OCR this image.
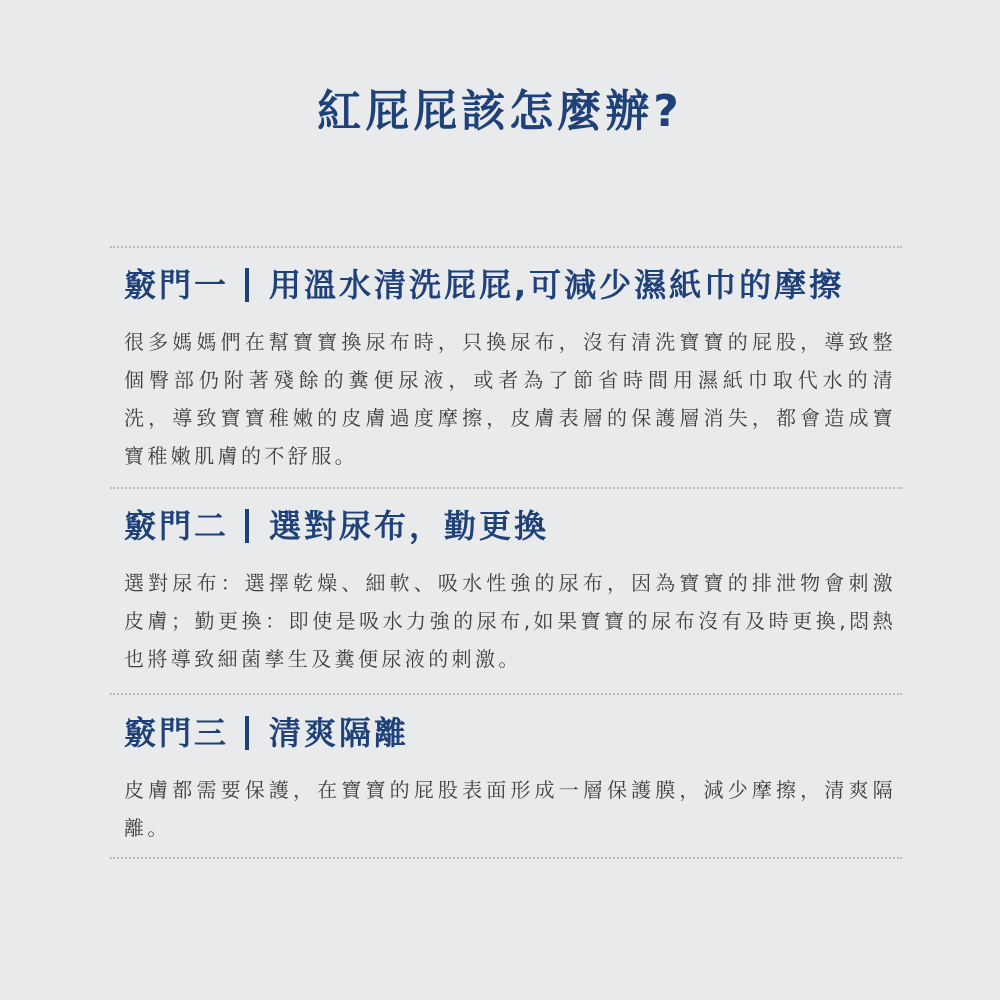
紅屁屁該怎麼辦?
竅門一 用溫水清洗屁屁,可減少濕紙巾的摩擦

很多媽媽們在幫寶寶換尿布時，只換尿布，沒有清洗寶寶的屁股，導致整個臀部仍附著殘餘的糞便尿液，或者為了節省時間用濕紙巾取代水的清洗，導致寶寶稚嫩的皮膚過度摩擦，皮膚表層的保護層消失，都會造成寶寶稚嫩肌膚的不舒服。

竅門二 選對尿布，勤更換

選對尿布：選擇乾燥、細軟、吸水性強的尿布，因為寶寶的排泄物會刺激皮膚；勤更換：即使是吸水力強的尿布,如果寶寶的尿布沒有及時更換,悶熱也將導致細菌孳生及糞便尿液的刺激。

竅門三 清爽隔離

皮膚都需要保護，在寶寶的屁股表面形成一層保護膜，減少摩擦，清爽隔離。
